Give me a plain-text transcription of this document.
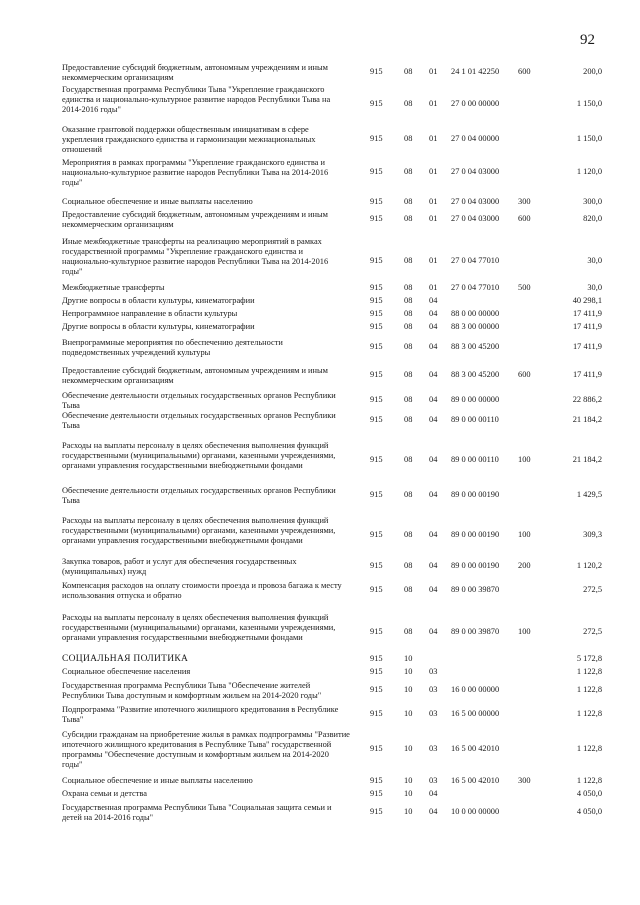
92
Предоставление субсидий бюджетным, автономным учреждениям и иным некоммерческим организациям
915	08 01 24 1 01 42250 600	200,0
Государственная программа Республики Тыва "Укрепление гражданского единства и национально-культурное развитие народов Республики Тыва на 2014-2016 годы"
915	08 01 27 0 00 00000	1 150,0
Оказание грантовой поддержки общественным инициативам в сфере укрепления гражданского единства и гармонизации межнациональных отношений
915	08 01 27 0 04 00000	1 150,0
Мероприятия в рамках программы "Укрепление гражданского единства и национально-культурное развитие народов Республики Тыва на 2014-2016 годы"
915	08 01 27 0 04 03000	1 120,0
Социальное обеспечение и иные выплаты населению	915	08 01 27 0 04 03000 300	300,0
Предоставление субсидий бюджетным, автономным учреждениям и иным некоммерческим организациям
915	08 01 27 0 04 03000 600	820,0
Иные межбюджетные трансферты на реализацию мероприятий в рамках государственной программы "Укрепление гражданского единства и национально-культурное развитие народов Республики Тыва на 2014-2016 годы"
915	08 01 27 0 04 77010	30,0
Межбюджетные трансферты	915	08 01 27 0 04 77010 500	30,0
Другие вопросы в области культуры, кинематографии	915	08 04	40 298,1
Непрограммное направление в области культуры	915	08 04 88 0 00 00000	17 411,9
Другие вопросы в области культуры, кинематографии	915	08 04 88 3 00 00000	17 411,9
Внепрограммные мероприятия по обеспечению деятельности подведомственных учреждений культуры
915	08 04 88 3 00 45200	17 411,9
Предоставление субсидий бюджетным, автономным учреждениям и иным некоммерческим организациям
915	08 04 88 3 00 45200 600	17 411,9
Обеспечение деятельности отдельных государственных органов Республики Тыва
915	08 04 89 0 00 00000	22 886,2
Обеспечение деятельности отдельных государственных органов Республики Тыва
915	08 04 89 0 00 00110	21 184,2
Расходы на выплаты персоналу в целях обеспечения выполнения функций государственными (муниципальными) органами, казенными учреждениями, органами управления государственными внебюджетными фондами
915	08 04 89 0 00 00110 100	21 184,2
Обеспечение деятельности отдельных государственных органов Республики Тыва
915	08 04 89 0 00 00190	1 429,5
Расходы на выплаты персоналу в целях обеспечения выполнения функций государственными (муниципальными) органами, казенными учреждениями, органами управления государственными внебюджетными фондами
915	08 04 89 0 00 00190 100	309,3
Закупка товаров, работ и услуг для обеспечения государственных (муниципальных) нужд
915	08 04 89 0 00 00190 200	1 120,2
Компенсация расходов на оплату стоимости проезда и провоза багажа к месту использования отпуска и обратно
915	08 04 89 0 00 39870	272,5
Расходы на выплаты персоналу в целях обеспечения выполнения функций государственными (муниципальными) органами, казенными учреждениями, органами управления государственными внебюджетными фондами
915	08 04 89 0 00 39870 100	272,5
СОЦИАЛЬНАЯ ПОЛИТИКА	915	10	5 172,8
Социальное обеспечение населения	915	10 03	1 122,8
Государственная программа Республики Тыва "Обеспечение жителей Республики Тыва доступным и комфортным жильем на 2014-2020 годы"
915	10 03 16 0 00 00000	1 122,8
Подпрограмма "Развитие ипотечного жилищного кредитования в Республике Тыва"
915	10 03 16 5 00 00000	1 122,8
Субсидии гражданам на приобретение жилья в рамках подпрограммы "Развитие ипотечного жилищного кредитования в Республике Тыва" государственной программы "Обеспечение доступным и комфортным жильем на 2014-2020 годы"
915	10 03 16 5 00 42010	1 122,8
Социальное обеспечение и иные выплаты населению	915	10 03 16 5 00 42010 300	1 122,8
Охрана семьи и детства	915	10 04	4 050,0
Государственная программа Республики Тыва "Социальная защита семьи и детей на 2014-2016 годы"
915	10 04 10 0 00 00000	4 050,0
